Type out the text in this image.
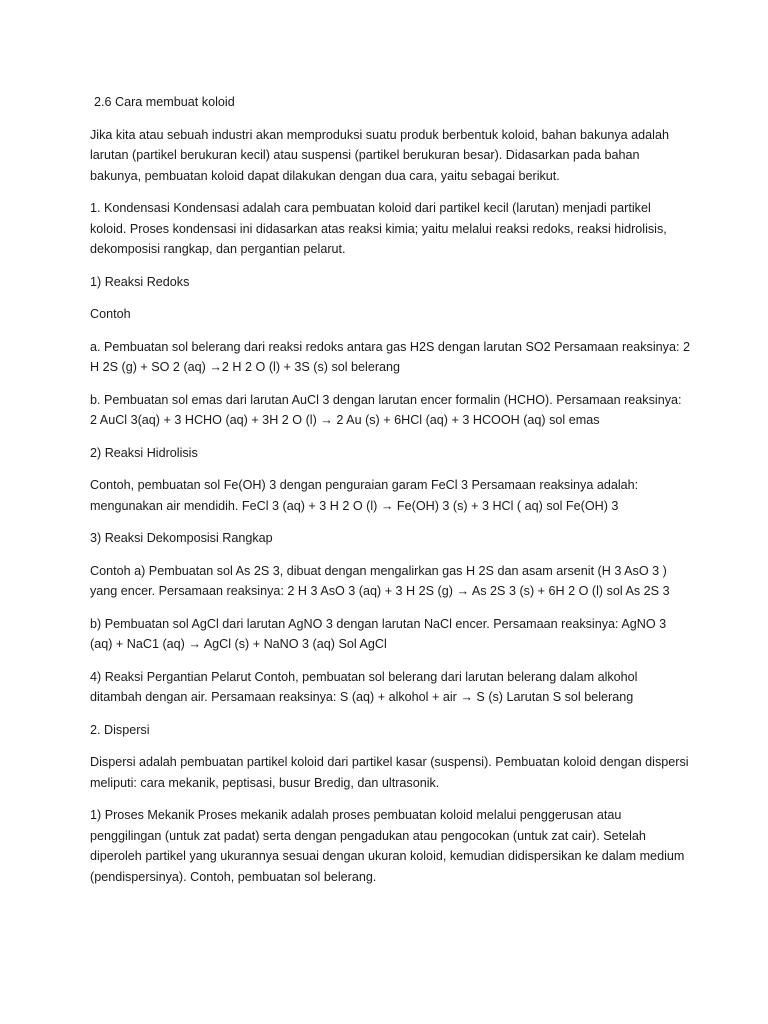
2.6 Cara membuat koloid

Jika kita atau sebuah industri akan memproduksi suatu produk berbentuk koloid, bahan bakunya adalah larutan (partikel berukuran kecil) atau suspensi (partikel berukuran besar). Didasarkan pada bahan bakunya, pembuatan koloid dapat dilakukan dengan dua cara, yaitu sebagai berikut.

1. Kondensasi Kondensasi adalah cara pembuatan koloid dari partikel kecil (larutan) menjadi partikel koloid. Proses kondensasi ini didasarkan atas reaksi kimia; yaitu melalui reaksi redoks, reaksi hidrolisis, dekomposisi rangkap, dan pergantian pelarut.

1) Reaksi Redoks

Contoh

a. Pembuatan sol belerang dari reaksi redoks antara gas H2S dengan larutan SO2 Persamaan reaksinya: 2 H 2S (g) + SO 2 (aq) →2 H 2 O (l) + 3S (s) sol belerang

b. Pembuatan sol emas dari larutan AuCl 3 dengan larutan encer formalin (HCHO). Persamaan reaksinya: 2 AuCl 3(aq) + 3 HCHO (aq) + 3H 2 O (l) → 2 Au (s) + 6HCl (aq) + 3 HCOOH (aq) sol emas

2) Reaksi Hidrolisis

Contoh, pembuatan sol Fe(OH) 3 dengan penguraian garam FeCl 3 Persamaan reaksinya adalah: mengunakan air mendidih. FeCl 3 (aq) + 3 H 2 O (l) → Fe(OH) 3 (s) + 3 HCl ( aq) sol Fe(OH) 3

3) Reaksi Dekomposisi Rangkap

Contoh a) Pembuatan sol As 2S 3, dibuat dengan mengalirkan gas H 2S dan asam arsenit (H 3 AsO 3 ) yang encer. Persamaan reaksinya: 2 H 3 AsO 3 (aq) + 3 H 2S (g) → As 2S 3 (s) + 6H 2 O (l) sol As 2S 3

b) Pembuatan sol AgCl dari larutan AgNO 3 dengan larutan NaCl encer. Persamaan reaksinya: AgNO 3 (aq) + NaC1 (aq) → AgCl (s) + NaNO 3 (aq) Sol AgCl

4) Reaksi Pergantian Pelarut Contoh, pembuatan sol belerang dari larutan belerang dalam alkohol ditambah dengan air. Persamaan reaksinya: S (aq) + alkohol + air → S (s) Larutan S sol belerang

2. Dispersi

Dispersi adalah pembuatan partikel koloid dari partikel kasar (suspensi). Pembuatan koloid dengan dispersi meliputi: cara mekanik, peptisasi, busur Bredig, dan ultrasonik.

1) Proses Mekanik Proses mekanik adalah proses pembuatan koloid melalui penggerusan atau penggilingan (untuk zat padat) serta dengan pengadukan atau pengocokan (untuk zat cair). Setelah diperoleh partikel yang ukurannya sesuai dengan ukuran koloid, kemudian didispersikan ke dalam medium (pendispersinya). Contoh, pembuatan sol belerang.
